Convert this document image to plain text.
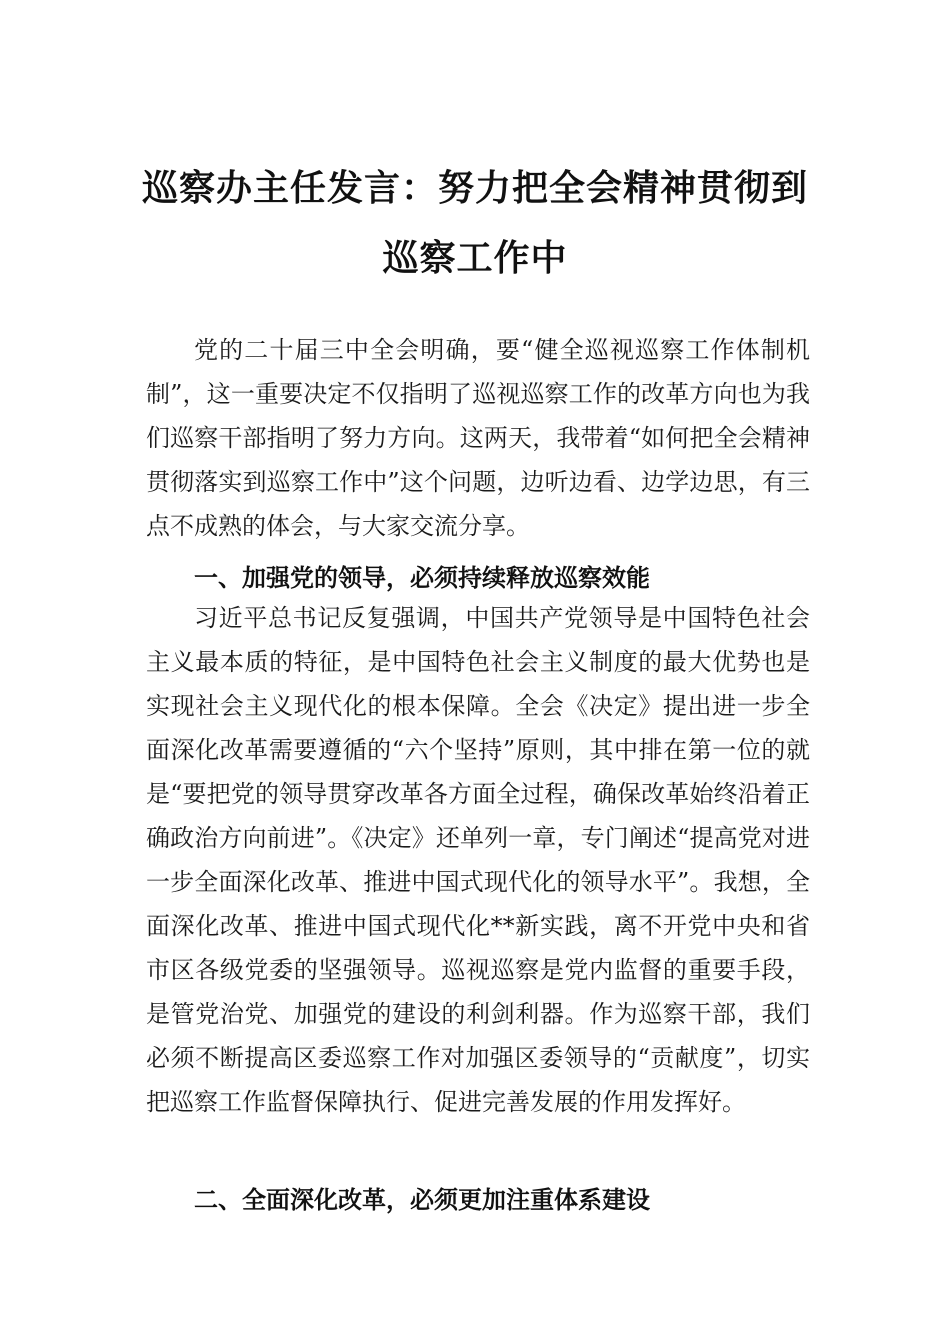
巡察办主任发言：努力把全会精神贯彻到
巡察工作中

党的二十届三中全会明确，要“健全巡视巡察工作体制机制”，这一重要决定不仅指明了巡视巡察工作的改革方向也为我们巡察干部指明了努力方向。这两天，我带着“如何把全会精神贯彻落实到巡察工作中”这个问题，边听边看、边学边思，有三点不成熟的体会，与大家交流分享。

一、加强党的领导，必须持续释放巡察效能

习近平总书记反复强调，中国共产党领导是中国特色社会主义最本质的特征，是中国特色社会主义制度的最大优势也是实现社会主义现代化的根本保障。全会《决定》提出进一步全面深化改革需要遵循的“六个坚持”原则，其中排在第一位的就是“要把党的领导贯穿改革各方面全过程，确保改革始终沿着正确政治方向前进”。《决定》还单列一章，专门阐述“提高党对进一步全面深化改革、推进中国式现代化的领导水平”。我想，全面深化改革、推进中国式现代化**新实践，离不开党中央和省市区各级党委的坚强领导。巡视巡察是党内监督的重要手段，是管党治党、加强党的建设的利剑利器。作为巡察干部，我们必须不断提高区委巡察工作对加强区委领导的“贡献度”，切实把巡察工作监督保障执行、促进完善发展的作用发挥好。

二、全面深化改革，必须更加注重体系建设
